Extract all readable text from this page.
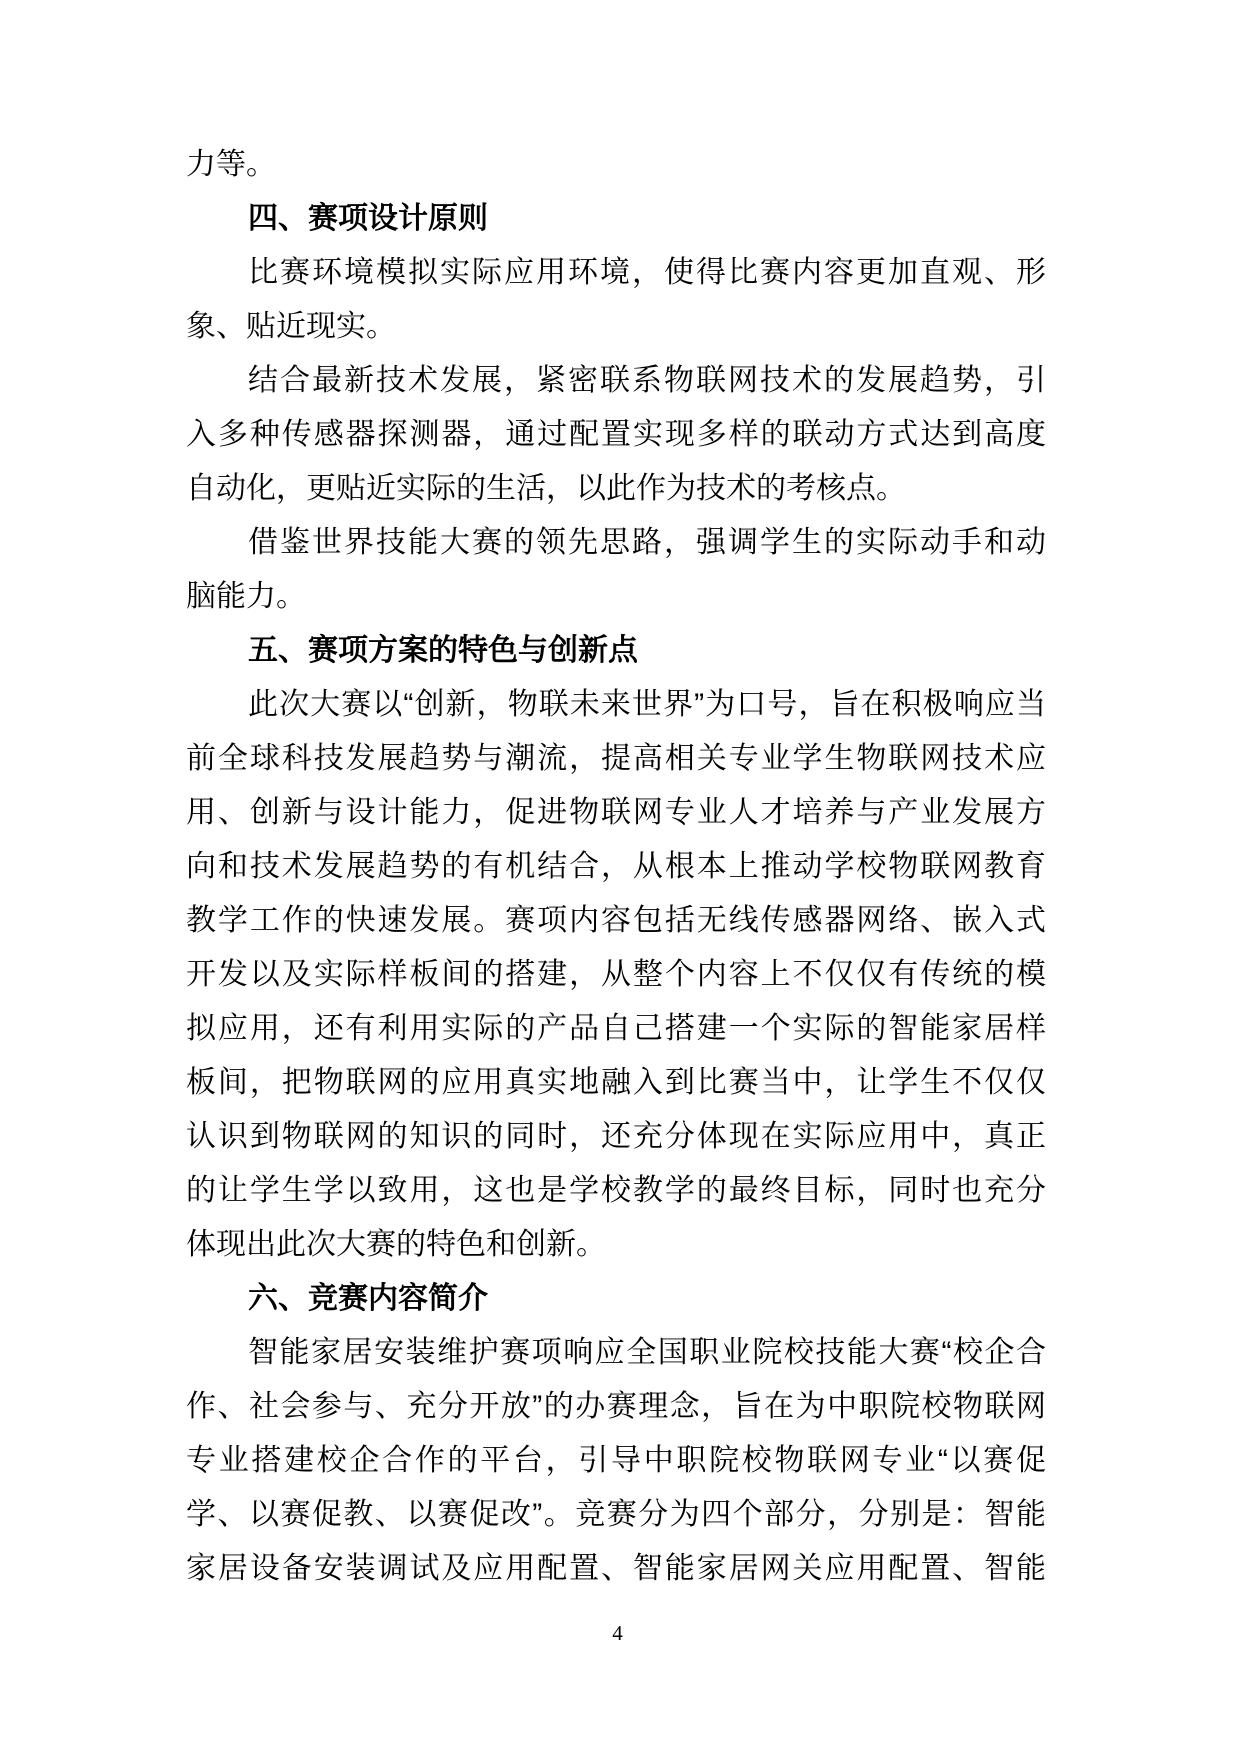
力等。
四、赛项设计原则
比赛环境模拟实际应用环境，使得比赛内容更加直观、形
象、贴近现实。
结合最新技术发展，紧密联系物联网技术的发展趋势，引
入多种传感器探测器，通过配置实现多样的联动方式达到高度
自动化，更贴近实际的生活，以此作为技术的考核点。
借鉴世界技能大赛的领先思路，强调学生的实际动手和动
脑能力。
五、赛项方案的特色与创新点
此次大赛以“创新，物联未来世界”为口号，旨在积极响应当
前全球科技发展趋势与潮流，提高相关专业学生物联网技术应
用、创新与设计能力，促进物联网专业人才培养与产业发展方
向和技术发展趋势的有机结合，从根本上推动学校物联网教育
教学工作的快速发展。赛项内容包括无线传感器网络、嵌入式
开发以及实际样板间的搭建，从整个内容上不仅仅有传统的模
拟应用，还有利用实际的产品自己搭建一个实际的智能家居样
板间，把物联网的应用真实地融入到比赛当中，让学生不仅仅
认识到物联网的知识的同时，还充分体现在实际应用中，真正
的让学生学以致用，这也是学校教学的最终目标，同时也充分
体现出此次大赛的特色和创新。
六、竞赛内容简介
智能家居安装维护赛项响应全国职业院校技能大赛“校企合
作、社会参与、充分开放”的办赛理念，旨在为中职院校物联网
专业搭建校企合作的平台，引导中职院校物联网专业“以赛促
学、以赛促教、以赛促改”。竞赛分为四个部分，分别是：智能
家居设备安装调试及应用配置、智能家居网关应用配置、智能
4
